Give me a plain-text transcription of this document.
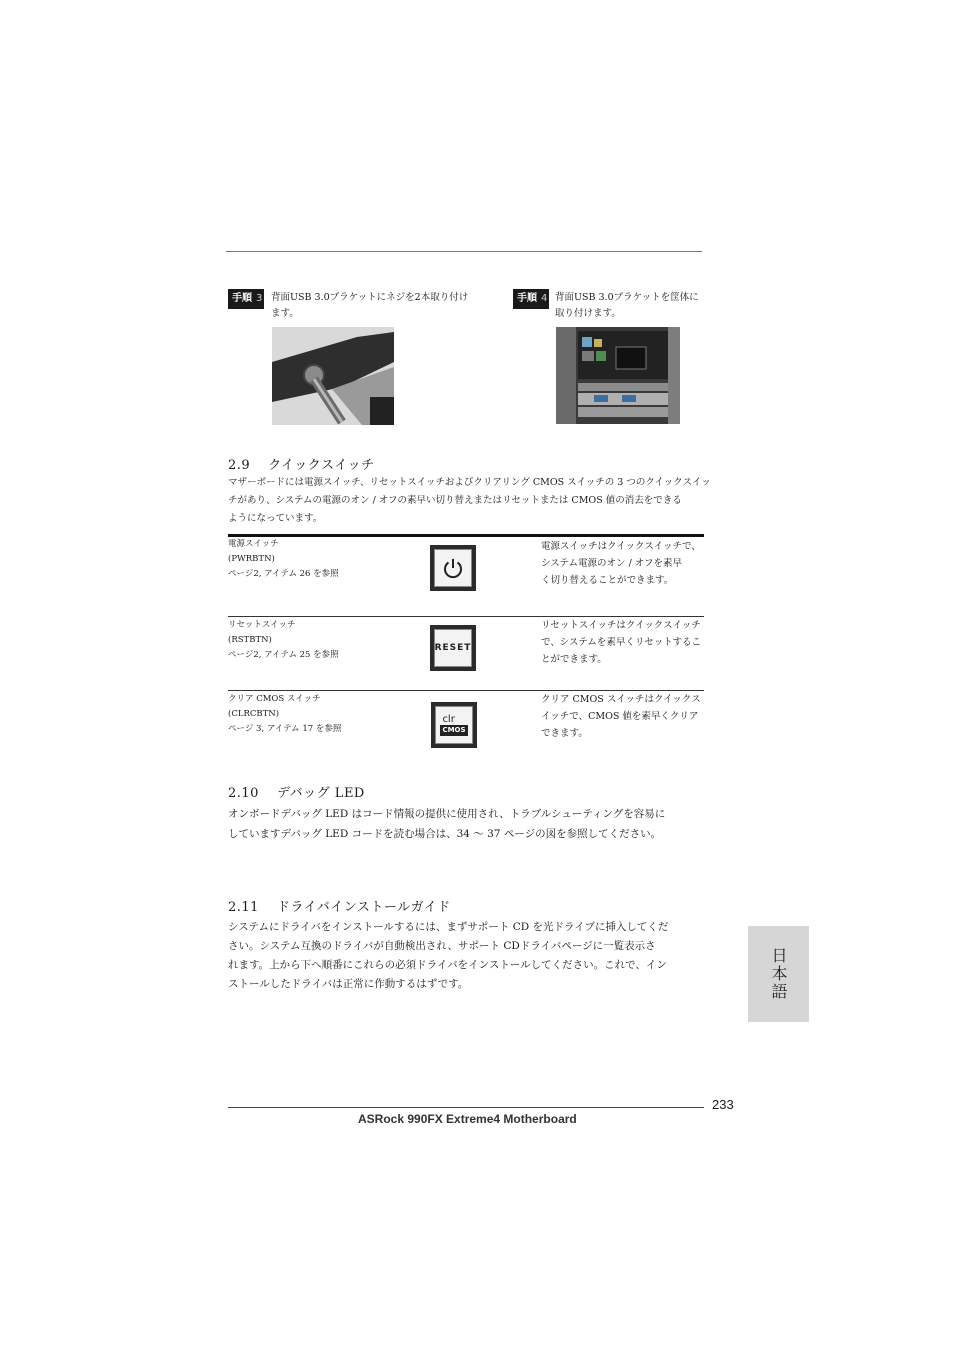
手順 3 背面USB 3.0ブラケットにネジを2本取り付け
ます。
手順 4 背面USB 3.0ブラケットを筐体に
取り付けます。
2.9 クイックスイッチ
マザーボードには電源スイッチ、リセットスイッチおよびクリアリング CMOS スイッチの 3 つのクイックスイッ
チがあり、システムの電源のオン / オフの素早い切り替えまたはリセットまたは CMOS 値の消去をできる
ようになっています。
電源スイッチ
(PWRBTN)
ページ2, アイテム 26 を参照
電源スイッチはクイックスイッチで、
システム電源のオン / オフを素早
く切り替えることができます。
リセットスイッチ
(RSTBTN)
ページ2, アイテム 25 を参照
RESET
リセットスイッチはクイックスイッチ
で、システムを素早くリセットするこ
とができます。
クリア CMOS スイッチ
(CLRCBTN)
ページ 3, アイテム 17 を参照
clr
CMOS
クリア CMOS スイッチはクイックス
イッチで、CMOS 値を素早くクリア
できます。
2.10 デバッグ LED
オンボードデバッグ LED はコード情報の提供に使用され、トラブルシューティングを容易に
していますデバッグ LED コードを読む場合は、34 ～ 37 ページの図を参照してください。
2.11 ドライバインストールガイド
システムにドライバをインストールするには、まずサポート CD を光ドライブに挿入してくだ
さい。システム互換のドライバが自動検出され、サポート CDドライバページに一覧表示さ
れます。上から下へ順番にこれらの必須ドライバをインストールしてください。これで、イン
ストールしたドライバは正常に作動するはずです。	日本語
233
ASRock 990FX Extreme4 Motherboard
